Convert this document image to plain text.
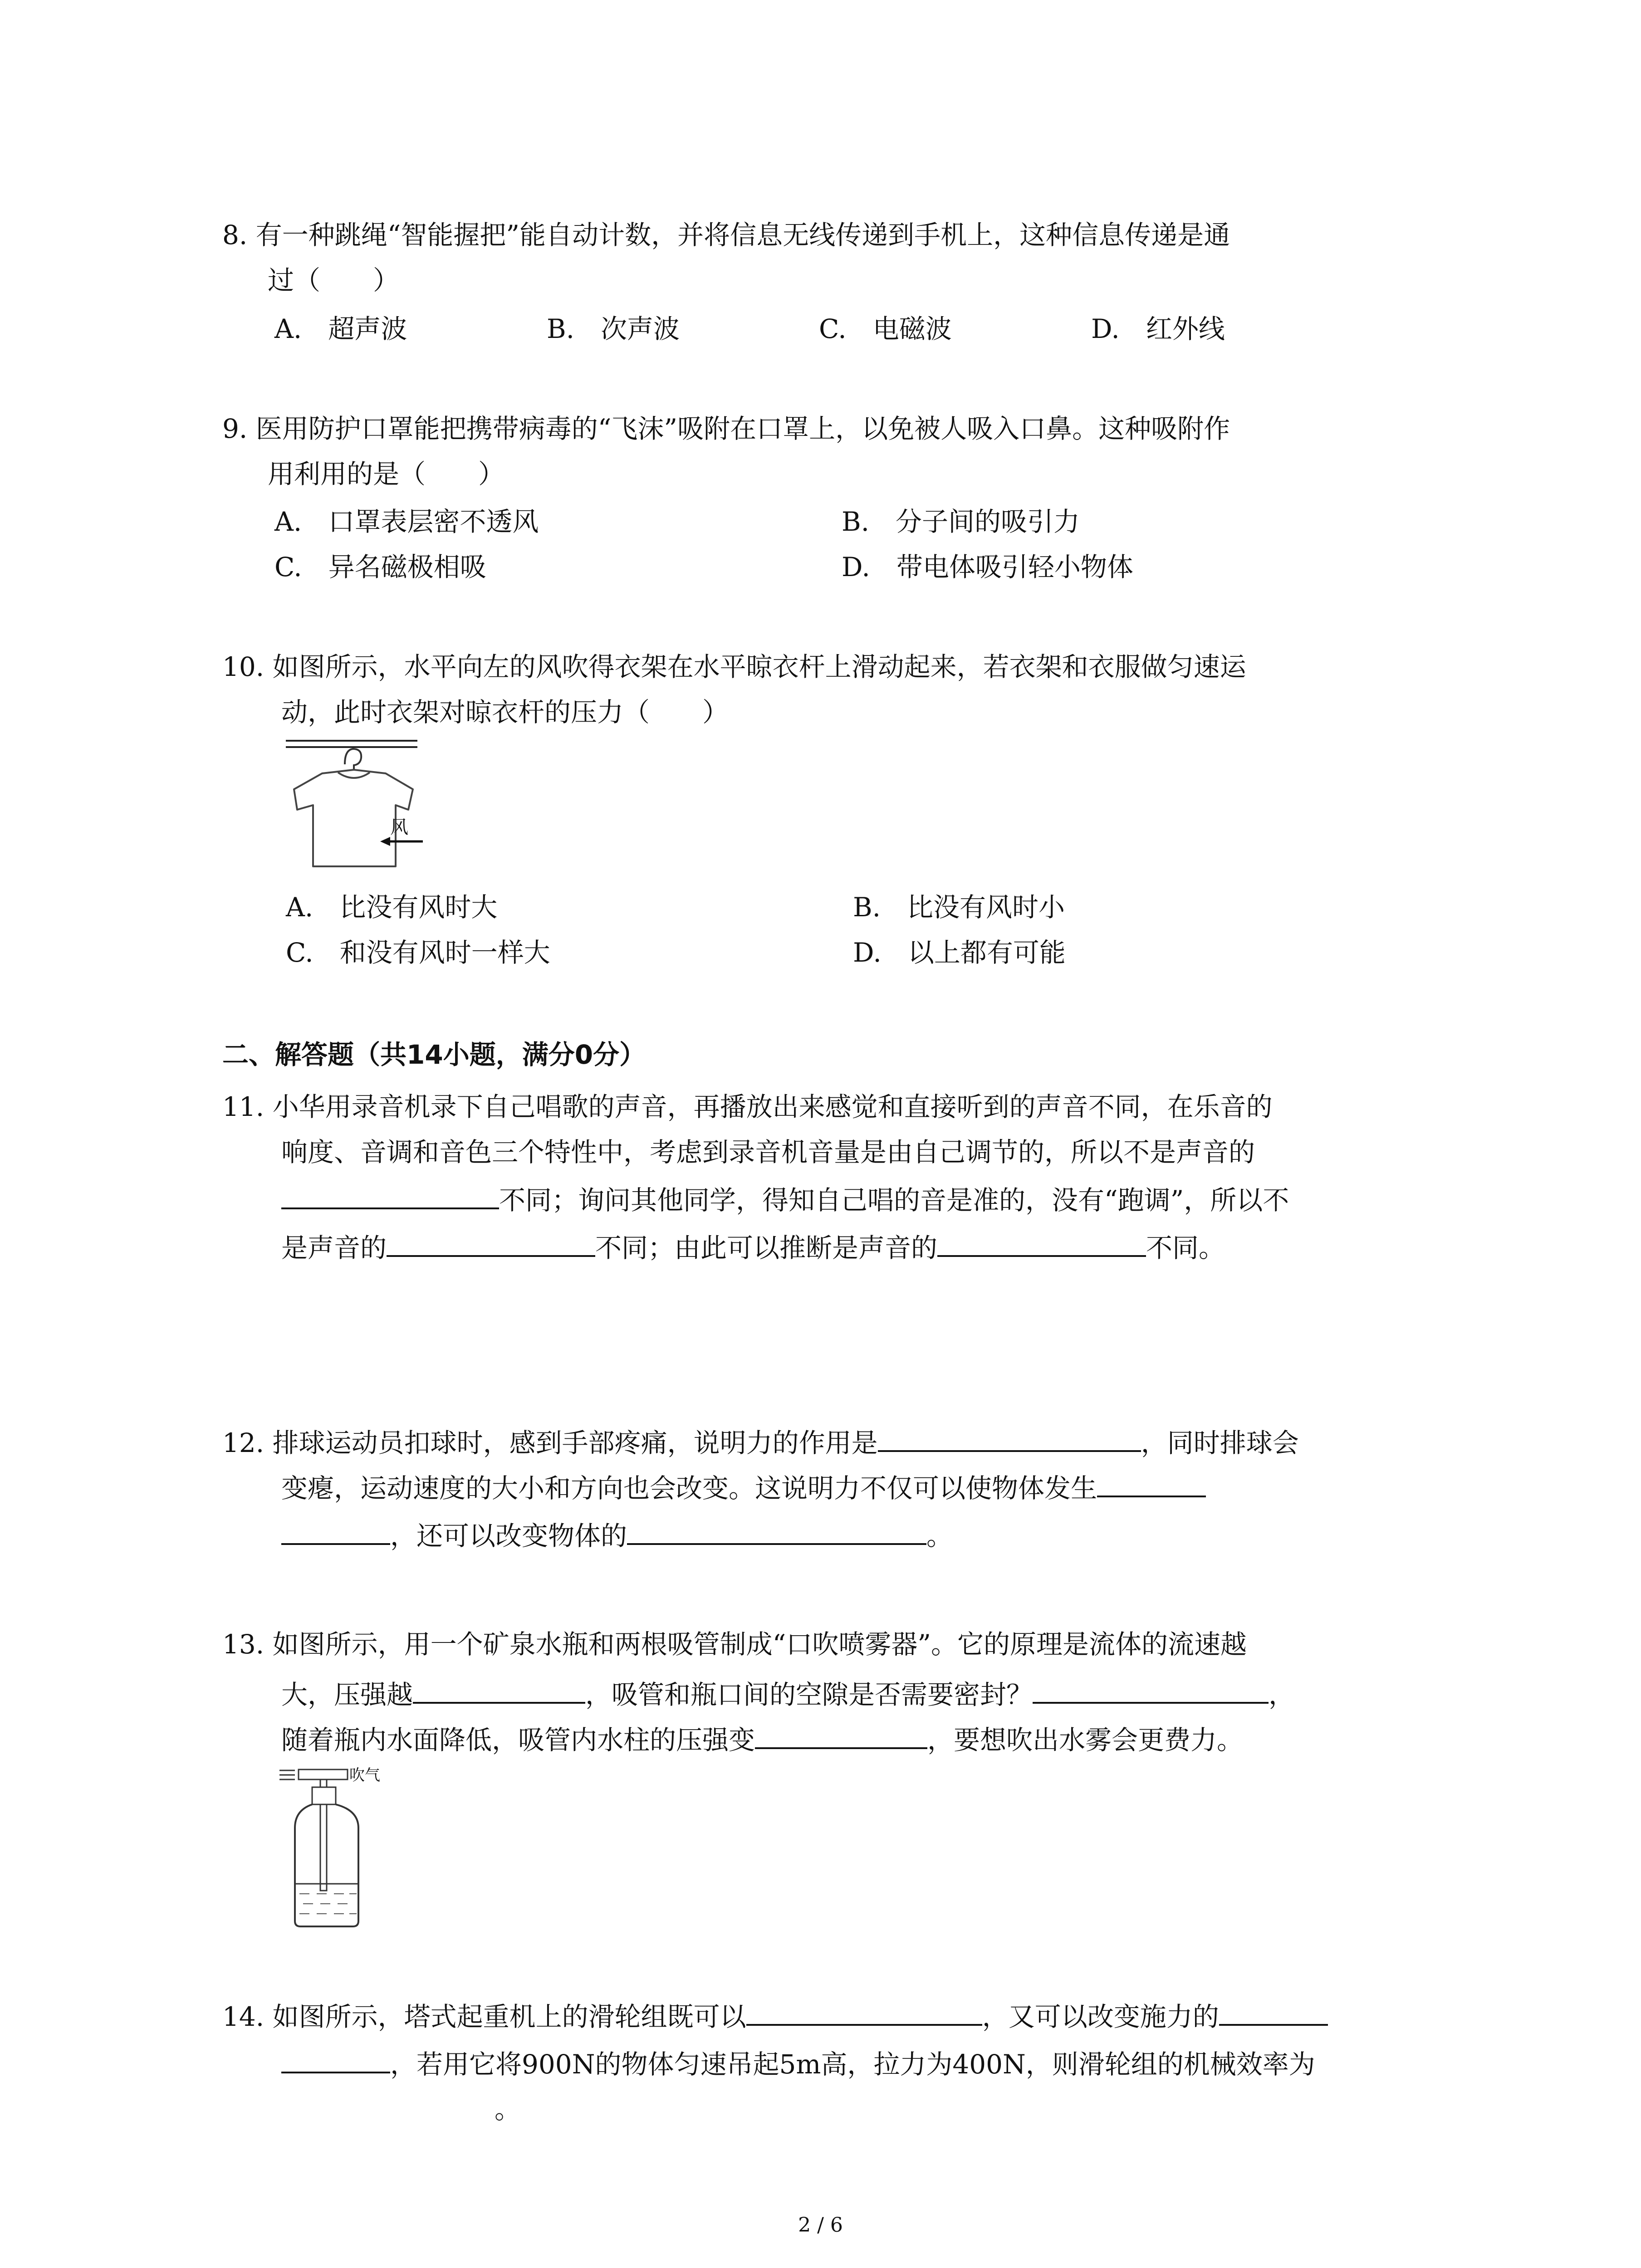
8. 有一种跳绳“智能握把”能自动计数，并将信息无线传递到手机上，这种信息传递是通
过（　　）
A.　超声波	B.　次声波	C.　电磁波	D.　红外线
9. 医用防护口罩能把携带病毒的“飞沫”吸附在口罩上，以免被人吸入口鼻。这种吸附作
用利用的是（　　）
A.　口罩表层密不透风	B.　分子间的吸引力
C.　异名磁极相吸	D.　带电体吸引轻小物体
10. 如图所示，水平向左的风吹得衣架在水平晾衣杆上滑动起来，若衣架和衣服做匀速运
动，此时衣架对晾衣杆的压力（　　）
风
A.　比没有风时大	B.　比没有风时小
C.　和没有风时一样大	D.　以上都有可能
二、解答题（共14小题，满分0分）
11. 小华用录音机录下自己唱歌的声音，再播放出来感觉和直接听到的声音不同，在乐音的
响度、音调和音色三个特性中，考虑到录音机音量是由自己调节的，所以不是声音的
不同；询问其他同学，得知自己唱的音是准的，没有“跑调”，所以不
是声音的	不同；由此可以推断是声音的	不同。
12. 排球运动员扣球时，感到手部疼痛，说明力的作用是	，同时排球会
变瘪，运动速度的大小和方向也会改变。这说明力不仅可以使物体发生
，还可以改变物体的	。
13. 如图所示，用一个矿泉水瓶和两根吸管制成“口吹喷雾器”。它的原理是流体的流速越
大，压强越	，吸管和瓶口间的空隙是否需要密封？	，
随着瓶内水面降低，吸管内水柱的压强变	，要想吹出水雾会更费力。
吹气
14. 如图所示，塔式起重机上的滑轮组既可以	，又可以改变施力的
，若用它将900N的物体匀速吊起5m高，拉力为400N，则滑轮组的机械效率为
。
2 / 6
